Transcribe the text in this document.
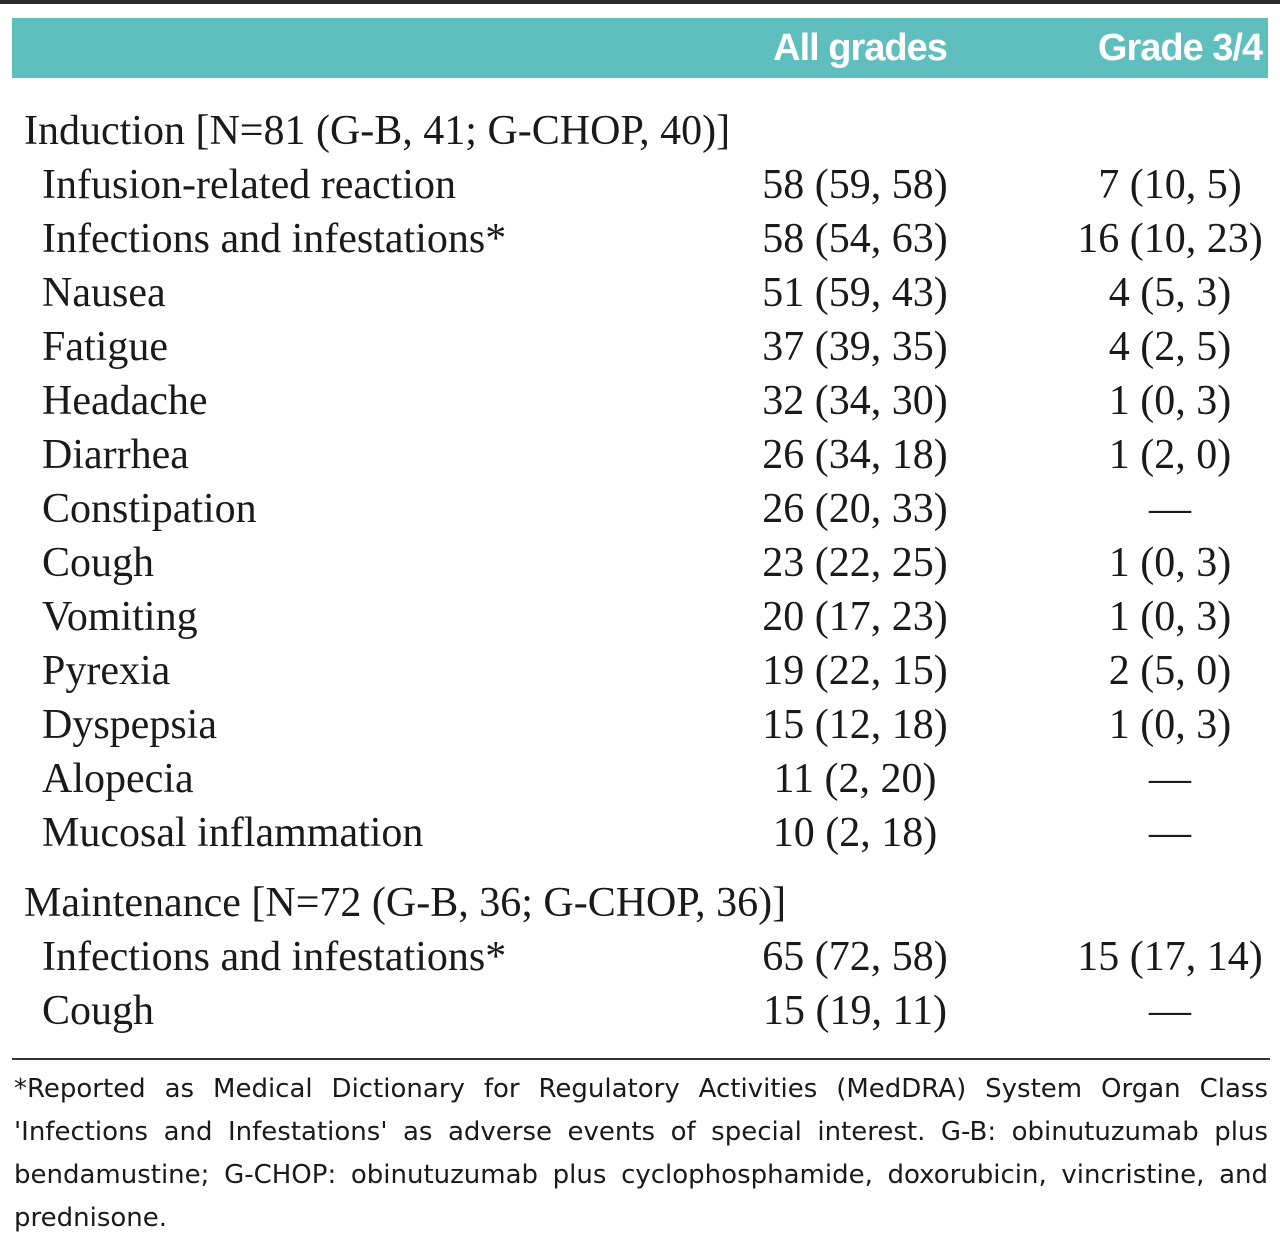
All grades	Grade 3/4
Induction [N=81 (G-B, 41; G-CHOP, 40)]
Infusion-related reaction	58 (59, 58)	7 (10, 5)
Infections and infestations*	58 (54, 63)	16 (10, 23)
Nausea	51 (59, 43)	4 (5, 3)
Fatigue	37 (39, 35)	4 (2, 5)
Headache	32 (34, 30)	1 (0, 3)
Diarrhea	26 (34, 18)	1 (2, 0)
Constipation	26 (20, 33)	—
Cough	23 (22, 25)	1 (0, 3)
Vomiting	20 (17, 23)	1 (0, 3)
Pyrexia	19 (22, 15)	2 (5, 0)
Dyspepsia	15 (12, 18)	1 (0, 3)
Alopecia	11 (2, 20)	—
Mucosal inflammation	10 (2, 18)	—
Maintenance [N=72 (G-B, 36; G-CHOP, 36)]
Infections and infestations*	65 (72, 58)	15 (17, 14)
Cough	15 (19, 11)	—
*Reported as Medical Dictionary for Regulatory Activities (MedDRA) System Organ Class 'Infections and Infestations' as adverse events of special interest. G-B: obinutuzumab plus bendamustine; G-CHOP: obinutuzumab plus cyclophosphamide, doxorubicin, vincristine, and prednisone.
